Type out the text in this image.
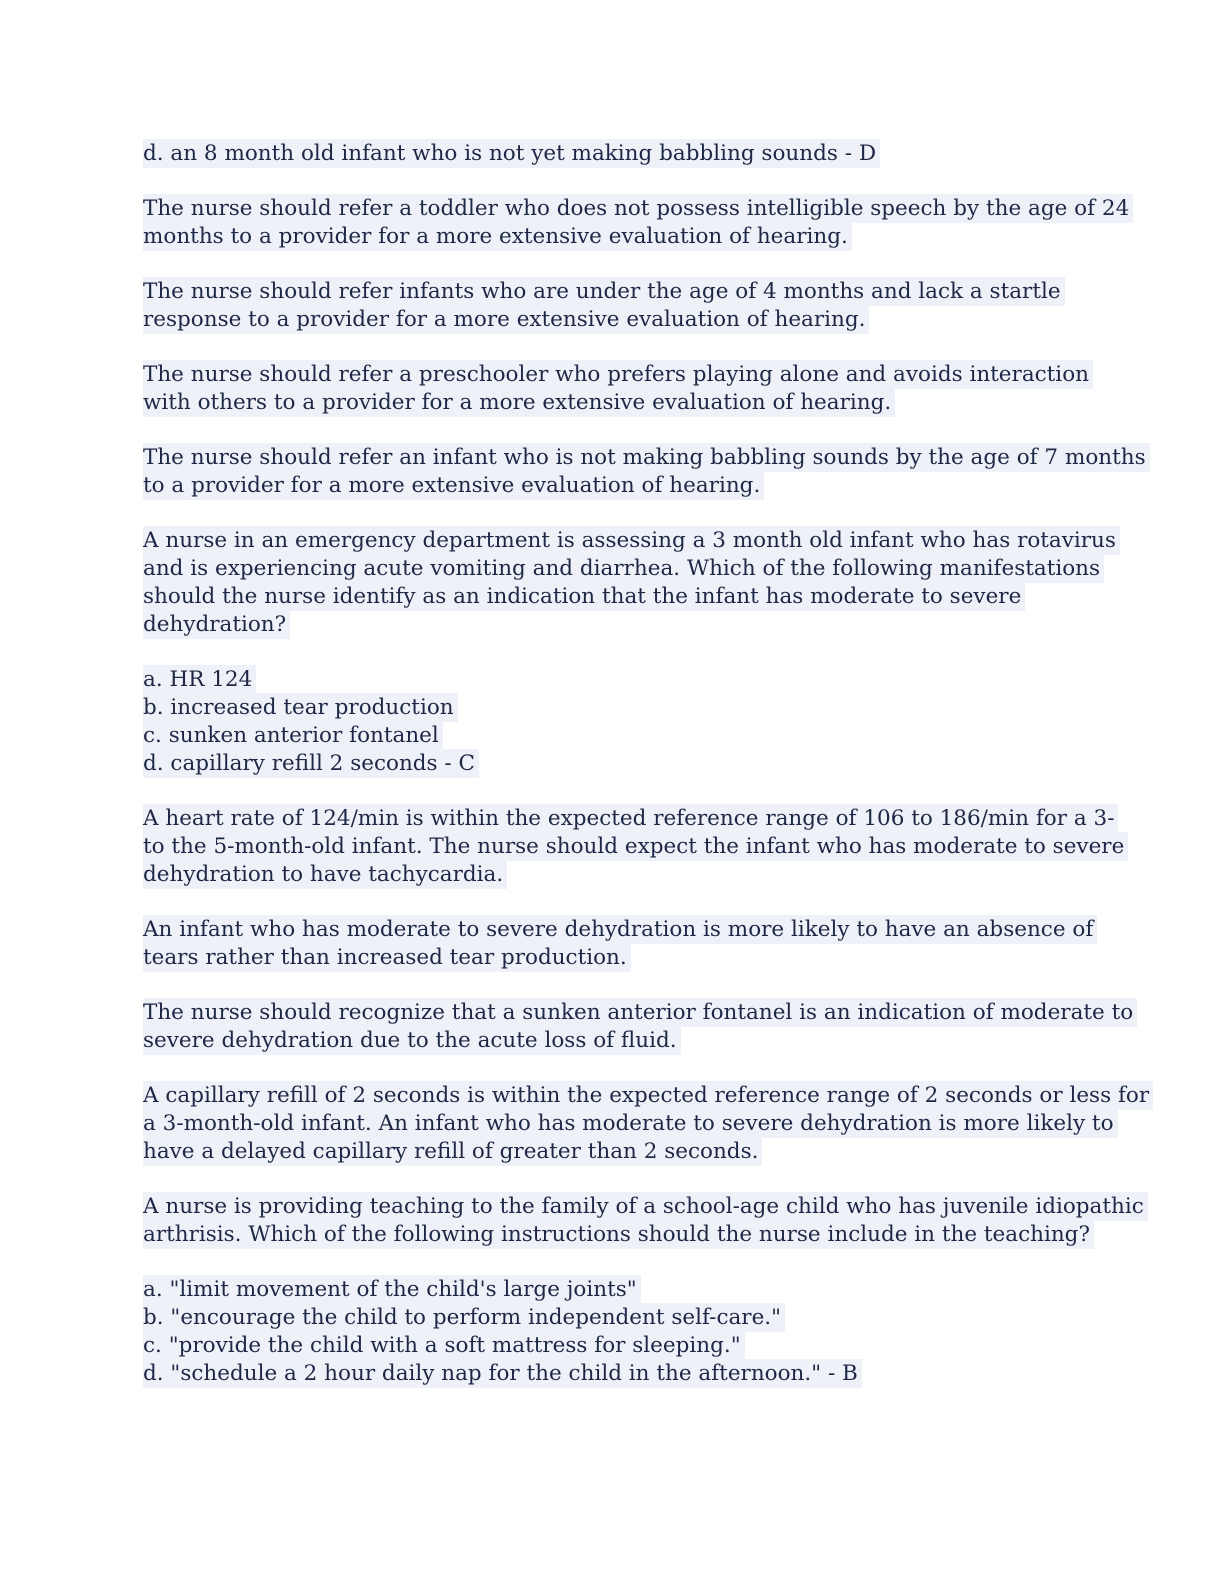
d. an 8 month old infant who is not yet making babbling sounds - D
The nurse should refer a toddler who does not possess intelligible speech by the age of 24
months to a provider for a more extensive evaluation of hearing.
The nurse should refer infants who are under the age of 4 months and lack a startle
response to a provider for a more extensive evaluation of hearing.
The nurse should refer a preschooler who prefers playing alone and avoids interaction
with others to a provider for a more extensive evaluation of hearing.
The nurse should refer an infant who is not making babbling sounds by the age of 7 months
to a provider for a more extensive evaluation of hearing.
A nurse in an emergency department is assessing a 3 month old infant who has rotavirus
and is experiencing acute vomiting and diarrhea. Which of the following manifestations
should the nurse identify as an indication that the infant has moderate to severe
dehydration?
a. HR 124
b. increased tear production
c. sunken anterior fontanel
d. capillary refill 2 seconds - C
A heart rate of 124/min is within the expected reference range of 106 to 186/min for a 3-
to the 5-month-old infant. The nurse should expect the infant who has moderate to severe
dehydration to have tachycardia.
An infant who has moderate to severe dehydration is more likely to have an absence of
tears rather than increased tear production.
The nurse should recognize that a sunken anterior fontanel is an indication of moderate to
severe dehydration due to the acute loss of fluid.
A capillary refill of 2 seconds is within the expected reference range of 2 seconds or less for
a 3-month-old infant. An infant who has moderate to severe dehydration is more likely to
have a delayed capillary refill of greater than 2 seconds.
A nurse is providing teaching to the family of a school-age child who has juvenile idiopathic
arthrisis. Which of the following instructions should the nurse include in the teaching?
a. "limit movement of the child's large joints"
b. "encourage the child to perform independent self-care."
c. "provide the child with a soft mattress for sleeping."
d. "schedule a 2 hour daily nap for the child in the afternoon." - B
